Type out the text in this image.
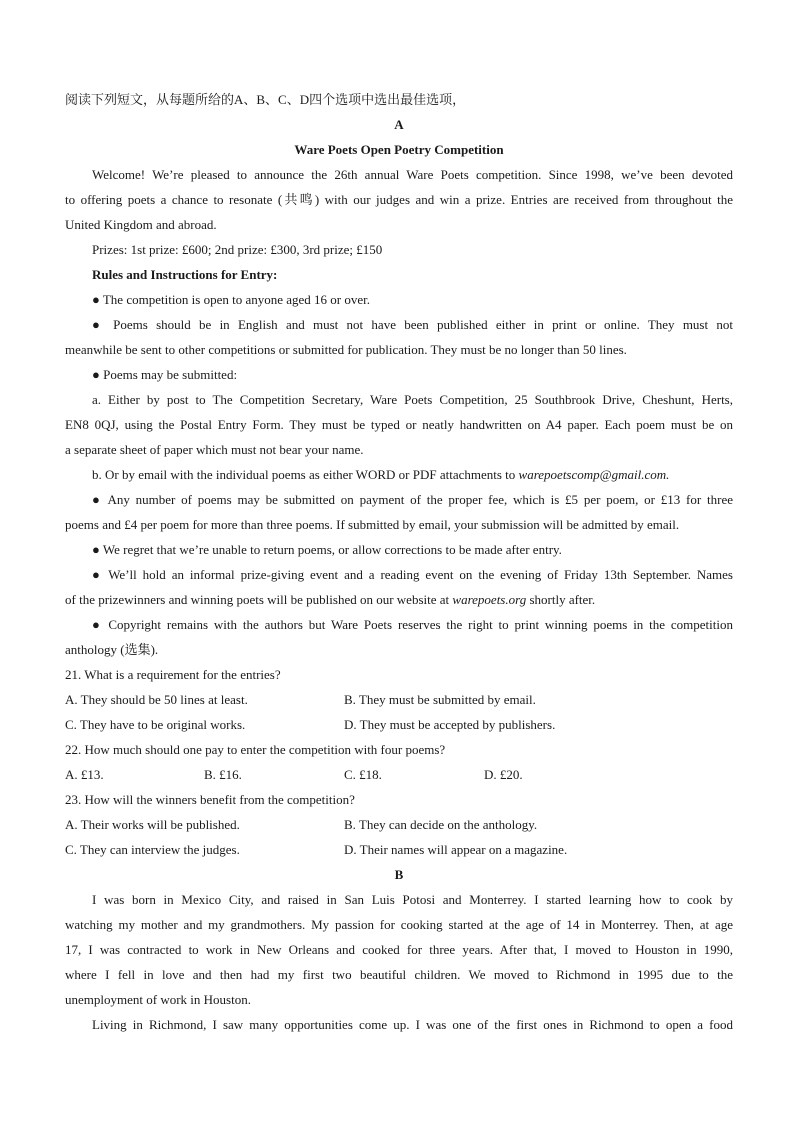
阅读下列短文，从每题所给的A、B、C、D四个选项中选出最佳选项，
A
Ware Poets Open Poetry Competition
Welcome! We’re pleased to announce the 26th annual Ware Poets competition. Since 1998, we’ve been devoted
to offering poets a chance to resonate (共鸣) with our judges and win a prize. Entries are received from throughout the
United Kingdom and abroad.
Prizes: 1st prize: £600; 2nd prize: £300, 3rd prize; £150
Rules and Instructions for Entry:
● The competition is open to anyone aged 16 or over.
● Poems should be in English and must not have been published either in print or online. They must not
meanwhile be sent to other competitions or submitted for publication. They must be no longer than 50 lines.
● Poems may be submitted:
a. Either by post to The Competition Secretary, Ware Poets Competition, 25 Southbrook Drive, Cheshunt, Herts,
EN8 0QJ, using the Postal Entry Form. They must be typed or neatly handwritten on A4 paper. Each poem must be on
a separate sheet of paper which must not bear your name.
b. Or by email with the individual poems as either WORD or PDF attachments to warepoetscomp@gmail.com.
● Any number of poems may be submitted on payment of the proper fee, which is £5 per poem, or £13 for three
poems and £4 per poem for more than three poems. If submitted by email, your submission will be admitted by email.
● We regret that we’re unable to return poems, or allow corrections to be made after entry.
● We’ll hold an informal prize-giving event and a reading event on the evening of Friday 13th September. Names
of the prizewinners and winning poets will be published on our website at warepoets.org shortly after.
● Copyright remains with the authors but Ware Poets reserves the right to print winning poems in the competition
anthology (选集).
21. What is a requirement for the entries?
A. They should be 50 lines at least.	B. They must be submitted by email.
C. They have to be original works.	D. They must be accepted by publishers.
22. How much should one pay to enter the competition with four poems?
A. £13.	B. £16.	C. £18.	D. £20.
23. How will the winners benefit from the competition?
A. Their works will be published.	B. They can decide on the anthology.
C. They can interview the judges.	D. Their names will appear on a magazine.
B
I was born in Mexico City, and raised in San Luis Potosi and Monterrey. I started learning how to cook by
watching my mother and my grandmothers. My passion for cooking started at the age of 14 in Monterrey. Then, at age
17, I was contracted to work in New Orleans and cooked for three years. After that, I moved to Houston in 1990,
where I fell in love and then had my first two beautiful children. We moved to Richmond in 1995 due to the
unemployment of work in Houston.
Living in Richmond, I saw many opportunities come up. I was one of the first ones in Richmond to open a food
